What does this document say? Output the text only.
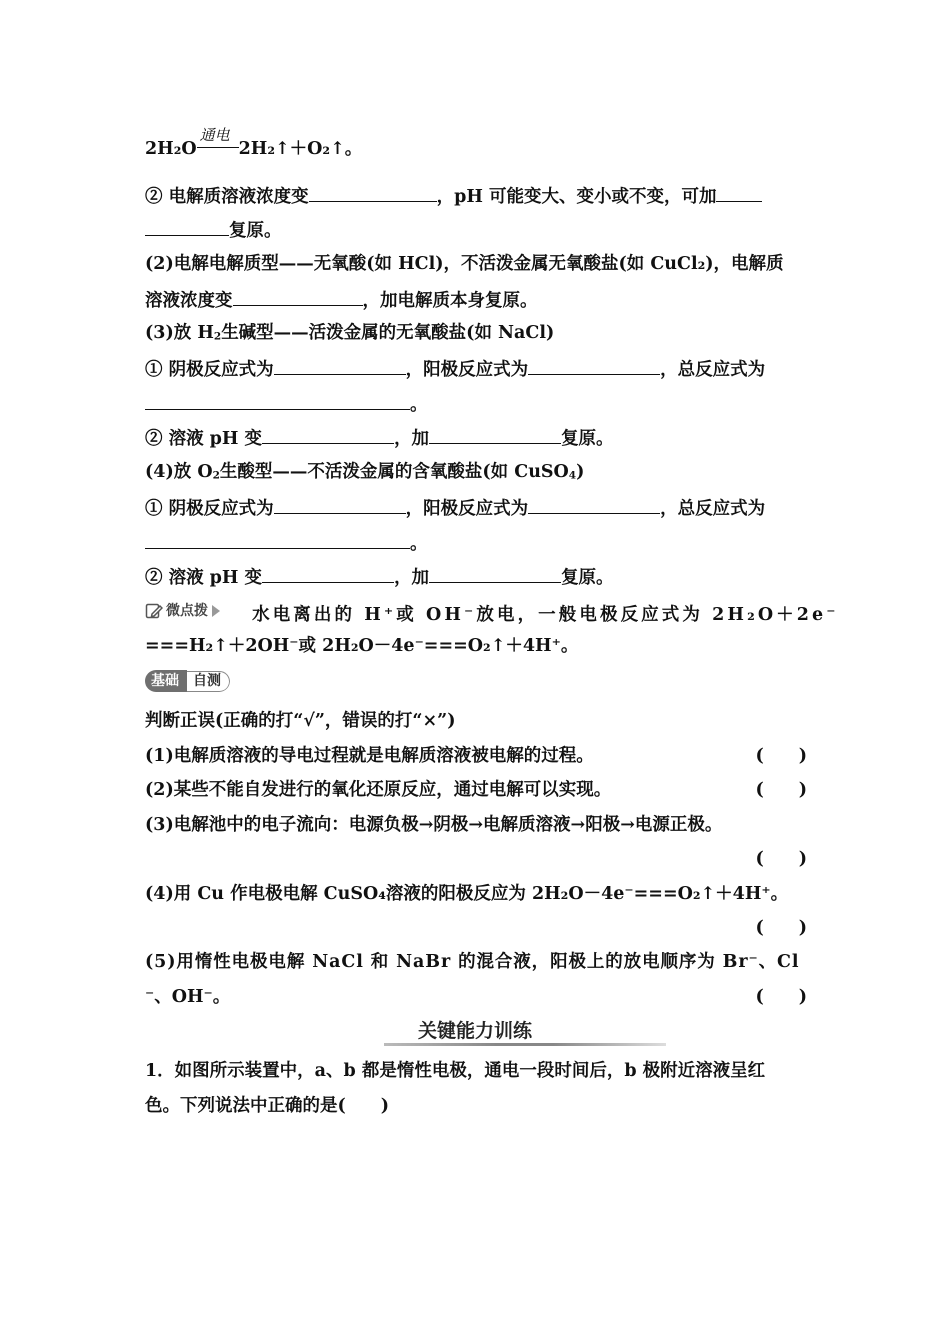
2H₂O
通电
2H₂↑＋O₂↑。
② 电解质溶液浓度变	，pH 可能变大、变小或不变，可加
复原。
(2)电解电解质型——无氧酸(如 HCl)，不活泼金属无氧酸盐(如 CuCl₂)，电解质
溶液浓度变	，加电解质本身复原。
(3)放 $H_2$生碱型——活泼金属的无氧酸盐(如 NaCl)
① 阴极反应式为	，阳极反应式为	，总反应式为
。
② 溶液 pH 变	，加	复原。
(4)放 $O_2$生酸型——不活泼金属的含氧酸盐(如 CuSO$_4$)
① 阴极反应式为	，阳极反应式为	，总反应式为
。
② 溶液 pH 变	，加	复原。
微点拨	水电离出的 H⁺或 OH⁻放电，一般电极反应式为 2H₂O＋2e⁻
===H₂↑＋2OH⁻或 2H₂O－4e⁻===O₂↑＋4H⁺。
基础	自测
判断正误(正确的打“√”，错误的打“×”)
(1)电解质溶液的导电过程就是电解质溶液被电解的过程。	(　　)
(2)某些不能自发进行的氧化还原反应，通过电解可以实现。	(　　)
(3)电解池中的电子流向：电源负极→阴极→电解质溶液→阳极→电源正极。
(　　)
(4)用 Cu 作电极电解 CuSO₄溶液的阳极反应为 2H₂O－4e⁻===O₂↑＋4H⁺。
(　　)
(5)用惰性电极电解 NaCl 和 NaBr 的混合液，阳极上的放电顺序为 Br⁻、Cl
⁻、OH⁻。	(　　)
关键能力训练
1．如图所示装置中，a、b 都是惰性电极，通电一段时间后，b 极附近溶液呈红
色。下列说法中正确的是(　　)
